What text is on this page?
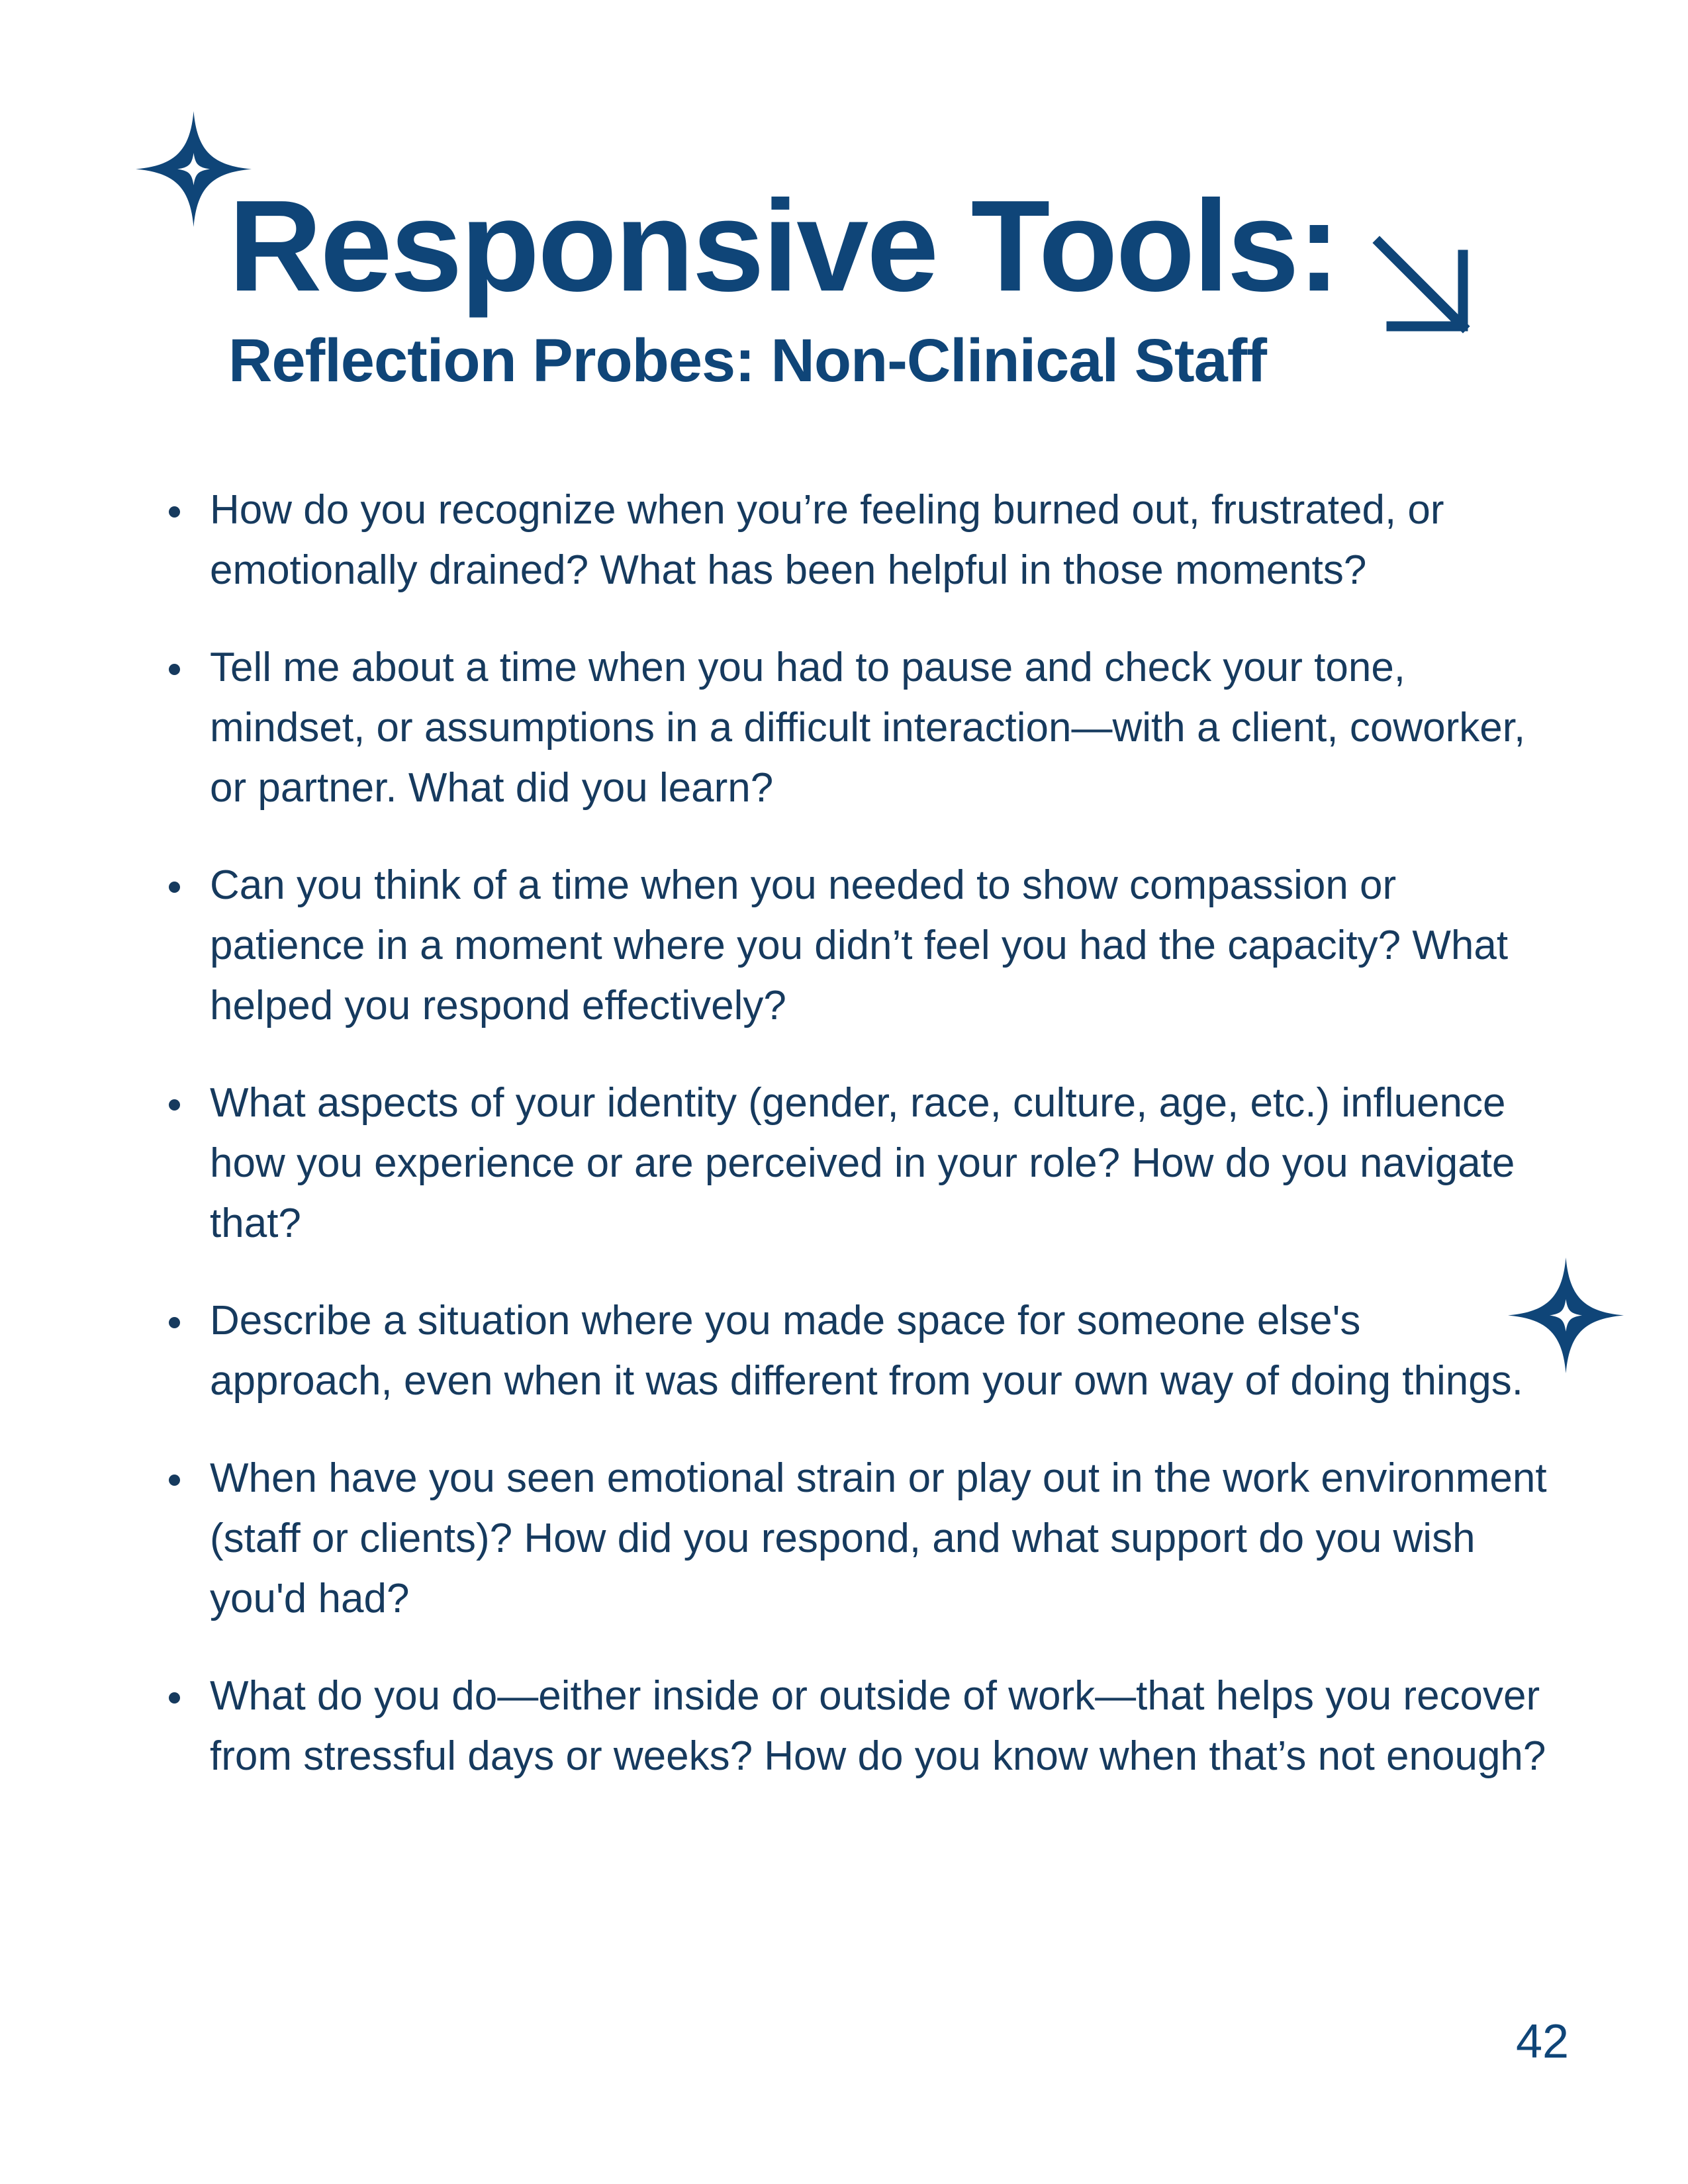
Responsive Tools:
Reflection Probes: Non-Clinical Staff
How do you recognize when you’re feeling burned out, frustrated, or emotionally drained? What has been helpful in those moments?
Tell me about a time when you had to pause and check your tone, mindset, or assumptions in a difficult interaction—with a client, coworker, or partner. What did you learn?
Can you think of a time when you needed to show compassion or patience in a moment where you didn’t feel you had the capacity? What helped you respond effectively?
What aspects of your identity (gender, race, culture, age, etc.) influence how you experience or are perceived in your role? How do you navigate that?
Describe a situation where you made space for someone else's approach, even when it was different from your own way of doing things.
When have you seen emotional strain or play out in the work environment (staff or clients)? How did you respond, and what support do you wish you'd had?
What do you do—either inside or outside of work—that helps you recover from stressful days or weeks? How do you know when that’s not enough?
42
